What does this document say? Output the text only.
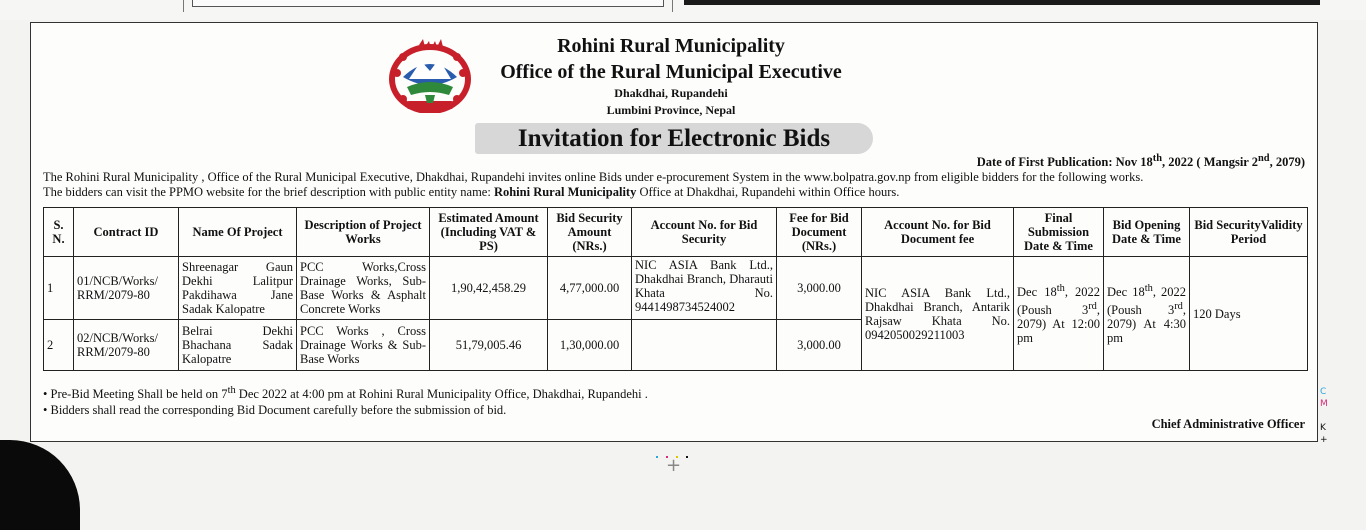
Rohini Rural Municipality
Office of the Rural Municipal Executive
Dhakdhai, Rupandehi
Lumbini Province, Nepal
Invitation for Electronic Bids
Date of First Publication: Nov 18th, 2022 ( Mangsir 2nd, 2079)
The Rohini Rural Municipality , Office of the Rural Municipal Executive, Dhakdhai, Rupandehi invites online Bids under e-procurement System in the www.bolpatra.gov.np from eligible bidders for the following works.
The bidders can visit the PPMO website for the brief description with public entity name: Rohini Rural Municipality Office at Dhakdhai, Rupandehi within Office hours.
S. N.	Contract ID	Name Of Project	Description of Project Works	Estimated Amount (Including VAT & PS)	Bid Security Amount (NRs.)	Account No. for Bid Security	Fee for Bid Document (NRs.)	Account No. for Bid Document fee	Final Submission Date & Time	Bid Opening Date & Time	Bid SecurityValidity Period
1	01/NCB/Works/ RRM/2079-80	Shreenagar Gaun Dekhi Lalitpur Pakdihawa Jane Sadak Kalopatre	PCC Works,Cross Drainage Works, Sub-Base Works & Asphalt Concrete Works	1,90,42,458.29	4,77,000.00	NIC ASIA Bank Ltd., Dhakdhai Branch, Dharauti Khata No. 9441498734524002	3,000.00	NIC ASIA Bank Ltd., Dhakdhai Branch, Antarik Rajsaw Khata No. 0942050029211003	Dec 18th, 2022 (Poush 3rd, 2079) At 12:00 pm	Dec 18th, 2022 (Poush 3rd, 2079) At 4:30 pm	120 Days
2	02/NCB/Works/ RRM/2079-80	Belrai Dekhi Bhachana Sadak Kalopatre	PCC Works , Cross Drainage Works & Sub-Base Works	51,79,005.46	1,30,000.00		3,000.00				
• Pre-Bid Meeting Shall be held on 7th Dec 2022 at 4:00 pm at Rohini Rural Municipality Office, Dhakdhai, Rupandehi .
• Bidders shall read the corresponding Bid Document carefully before the submission of bid.
Chief Administrative Officer
C
M

K
+
+
